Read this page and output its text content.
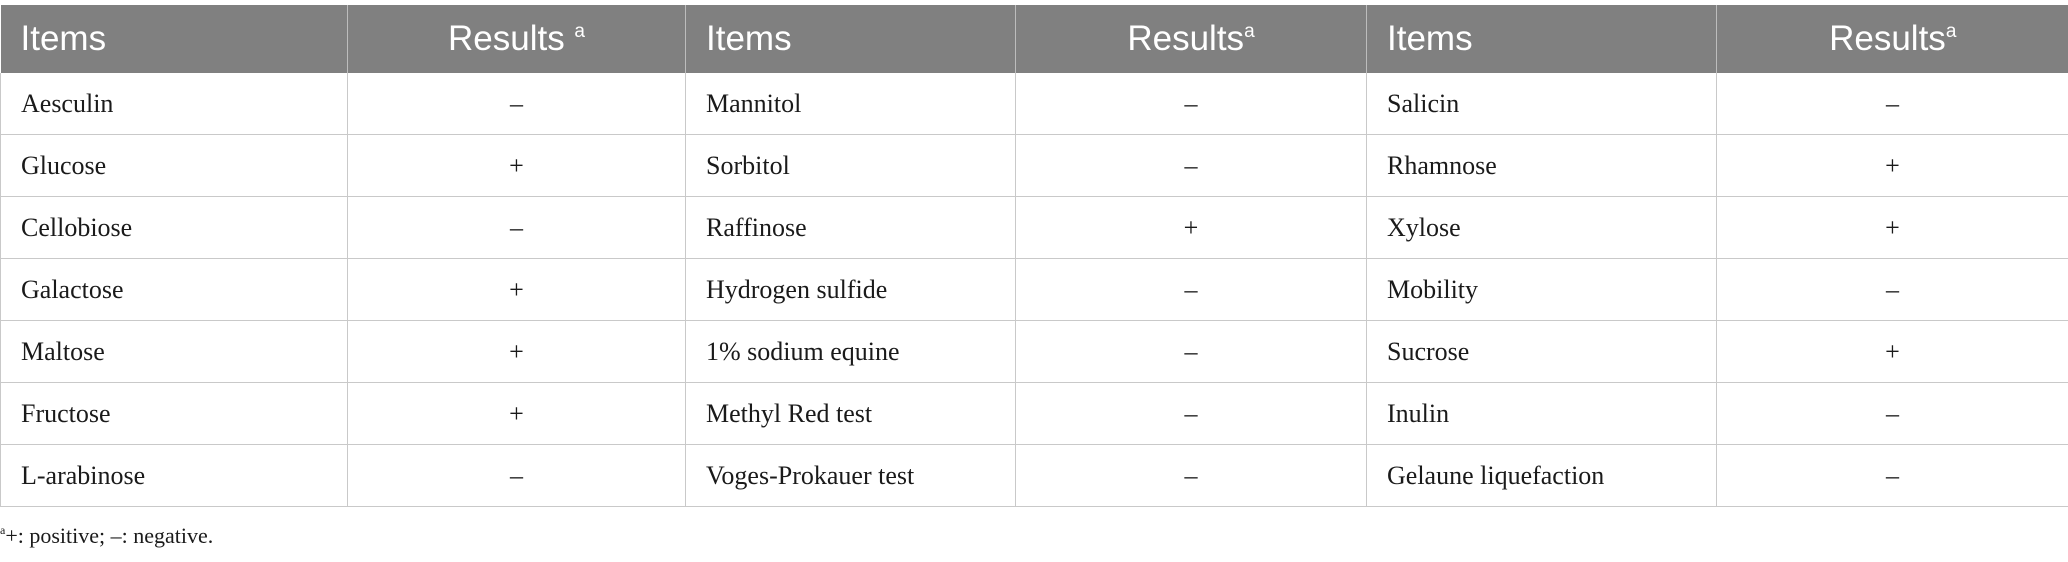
Items	Results $^a$	Items	Results$^a$	Items	Results$^a$
Aesculin	–	Mannitol	–	Salicin	–
Glucose	+	Sorbitol	–	Rhamnose	+
Cellobiose	–	Raffinose	+	Xylose	+
Galactose	+	Hydrogen sulfide	–	Mobility	–
Maltose	+	1% sodium equine	–	Sucrose	+
Fructose	+	Methyl Red test	–	Inulin	–
L-arabinose	–	Voges-Prokauer test	–	Gelaune liquefaction	–
$^a$+: positive; –: negative.
